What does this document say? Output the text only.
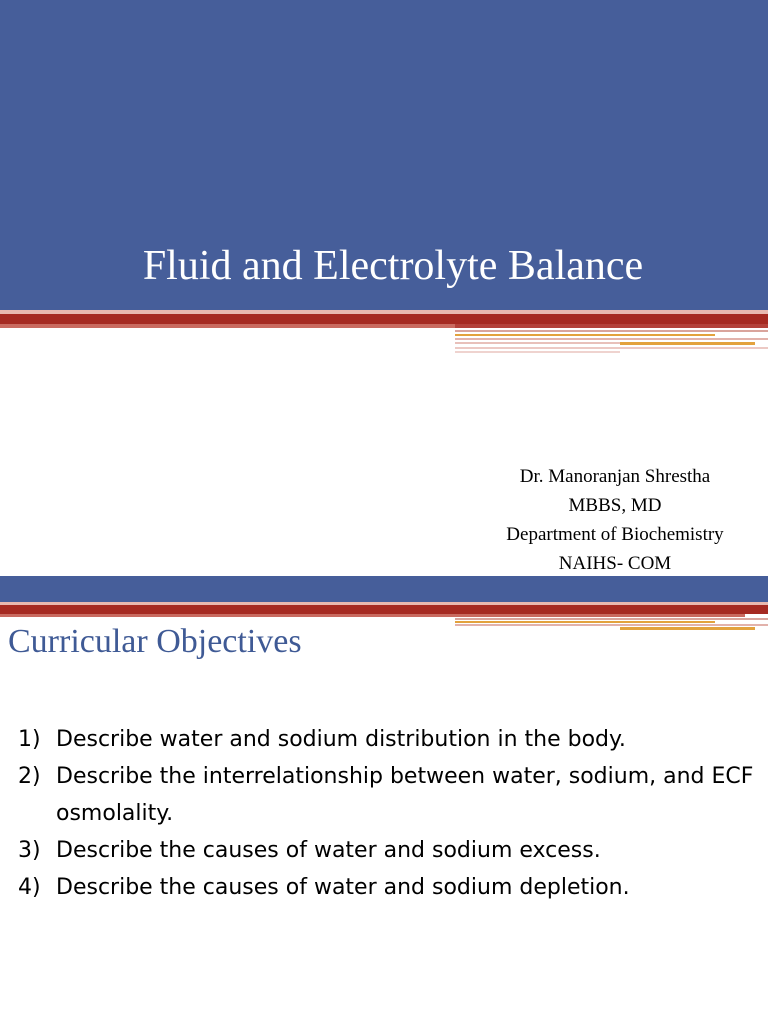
Fluid and Electrolyte Balance
Dr. Manoranjan Shrestha
MBBS, MD
Department of Biochemistry
NAIHS- COM
Curricular Objectives
1) Describe water and sodium distribution in the body.
2) Describe the interrelationship between water, sodium, and ECF osmolality.
3) Describe the causes of water and sodium excess.
4) Describe the causes of water and sodium depletion.
